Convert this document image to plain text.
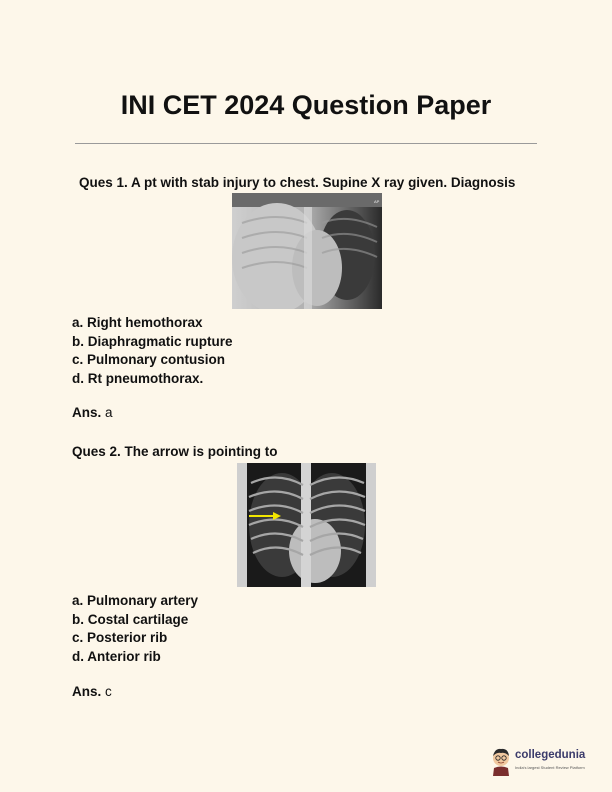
INI CET 2024 Question Paper
Ques 1. A pt with stab injury to chest. Supine X ray given. Diagnosis
AP
a. Right hemothorax
b. Diaphragmatic rupture
c. Pulmonary contusion
d. Rt pneumothorax.
Ans. a
Ques 2. The arrow is pointing to
a. Pulmonary artery
b. Costal cartilage
c. Posterior rib
d. Anterior rib
Ans. c
collegedunia
India's largest Student Review Platform
